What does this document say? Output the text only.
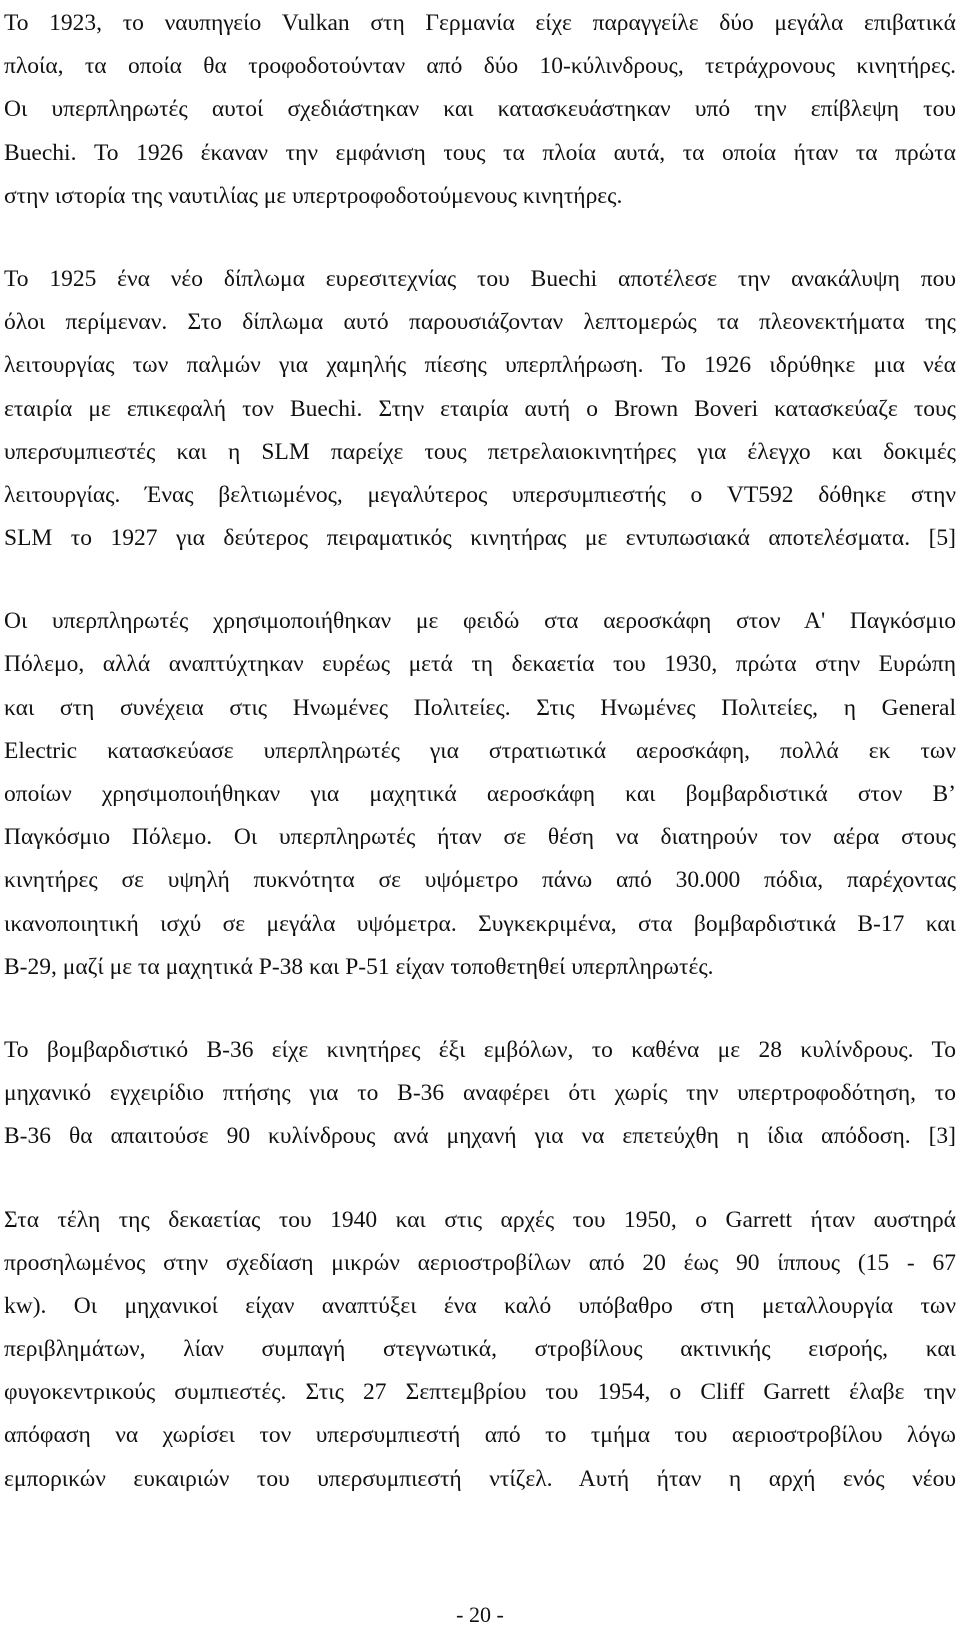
Το 1923, το ναυπηγείο Vulkan στη Γερμανία είχε παραγγείλε δύο μεγάλα επιβατικά
πλοία, τα οποία θα τροφοδοτούνταν από δύο 10-κύλινδρους, τετράχρονους κινητήρες.
Οι υπερπληρωτές αυτοί σχεδιάστηκαν και κατασκευάστηκαν υπό την επίβλεψη του
Buechi. Το 1926 έκαναν την εμφάνιση τους τα πλοία αυτά, τα οποία ήταν τα πρώτα
στην ιστορία της ναυτιλίας με υπερτροφοδοτούμενους κινητήρες.
Το 1925 ένα νέο δίπλωμα ευρεσιτεχνίας του Buechi αποτέλεσε την ανακάλυψη που
όλοι περίμεναν. Στο δίπλωμα αυτό παρουσιάζονταν λεπτομερώς τα πλεονεκτήματα της
λειτουργίας των παλμών για χαμηλής πίεσης υπερπλήρωση. Το 1926 ιδρύθηκε μια νέα
εταιρία με επικεφαλή τον Buechi. Στην εταιρία αυτή ο Brown Boveri κατασκεύαζε τους
υπερσυμπιεστές και η SLM παρείχε τους πετρελαιοκινητήρες για έλεγχο και δοκιμές
λειτουργίας. Ένας βελτιωμένος, μεγαλύτερος υπερσυμπιεστής ο VT592 δόθηκε στην
SLM το 1927 για δεύτερος πειραματικός κινητήρας με εντυπωσιακά αποτελέσματα. [5]
Οι υπερπληρωτές χρησιμοποιήθηκαν με φειδώ στα αεροσκάφη στον Α' Παγκόσμιο
Πόλεμο, αλλά αναπτύχτηκαν ευρέως μετά τη δεκαετία του 1930, πρώτα στην Ευρώπη
και στη συνέχεια στις Ηνωμένες Πολιτείες. Στις Ηνωμένες Πολιτείες, η General
Electric κατασκεύασε υπερπληρωτές για στρατιωτικά αεροσκάφη, πολλά εκ των
οποίων χρησιμοποιήθηκαν για μαχητικά αεροσκάφη και βομβαρδιστικά στον Β’
Παγκόσμιο Πόλεμο. Οι υπερπληρωτές ήταν σε θέση να διατηρούν τον αέρα στους
κινητήρες σε υψηλή πυκνότητα σε υψόμετρο πάνω από 30.000 πόδια, παρέχοντας
ικανοποιητική ισχύ σε μεγάλα υψόμετρα. Συγκεκριμένα, στα βομβαρδιστικά B-17 και
B-29, μαζί με τα μαχητικά P-38 και P-51 είχαν τοποθετηθεί υπερπληρωτές.
Το βομβαρδιστικό B-36 είχε κινητήρες έξι εμβόλων, το καθένα με 28 κυλίνδρους. Το
μηχανικό εγχειρίδιο πτήσης για το B-36 αναφέρει ότι χωρίς την υπερτροφοδότηση, το
B-36 θα απαιτούσε 90 κυλίνδρους ανά μηχανή για να επετεύχθη η ίδια απόδοση. [3]
Στα τέλη της δεκαετίας του 1940 και στις αρχές του 1950, ο Garrett ήταν αυστηρά
προσηλωμένος στην σχεδίαση μικρών αεριοστροβίλων από 20 έως 90 ίππους (15 - 67
kw). Οι μηχανικοί είχαν αναπτύξει ένα καλό υπόβαθρο στη μεταλλουργία των
περιβλημάτων, λίαν συμπαγή στεγνωτικά, στροβίλους ακτινικής εισροής, και
φυγοκεντρικούς συμπιεστές. Στις 27 Σεπτεμβρίου του 1954, ο Cliff Garrett έλαβε την
απόφαση να χωρίσει τον υπερσυμπιεστή από το τμήμα του αεριοστροβίλου λόγω
εμπορικών ευκαιριών του υπερσυμπιεστή ντίζελ. Αυτή ήταν η αρχή ενός νέου
- 20 -
